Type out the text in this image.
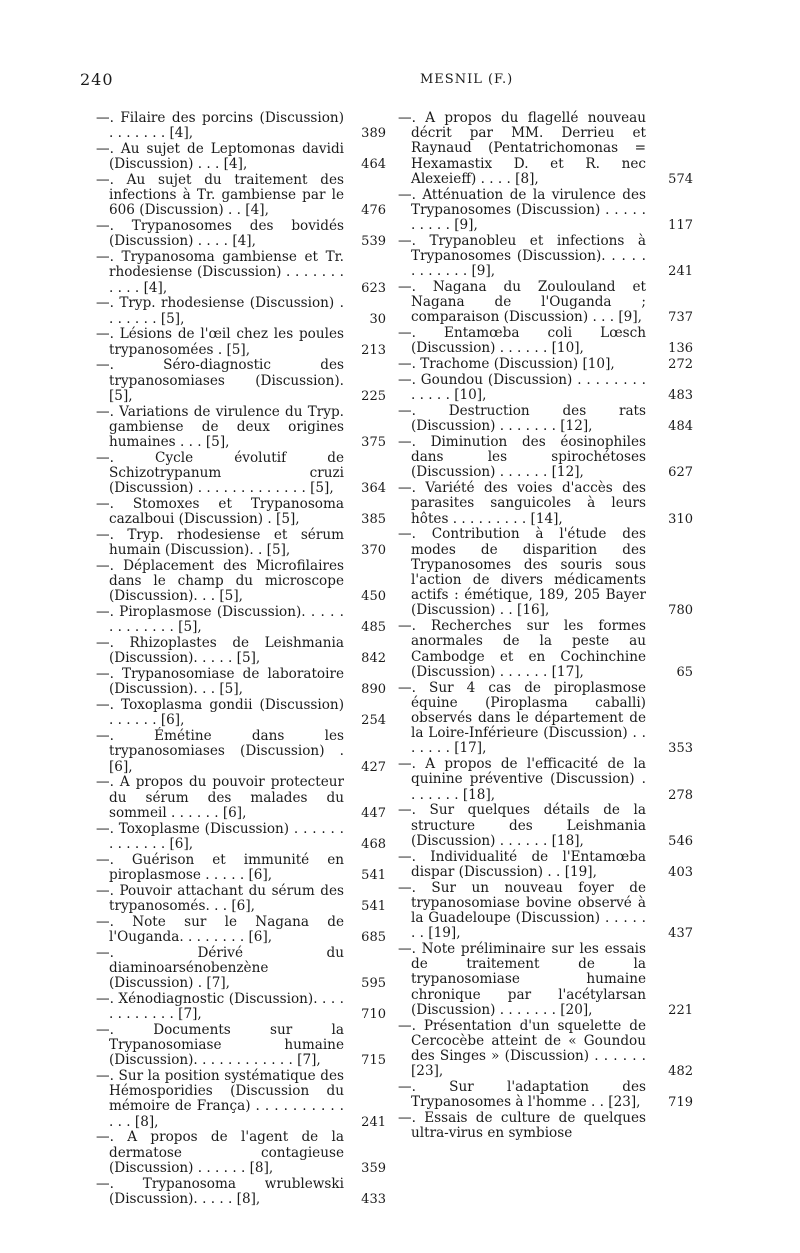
240	MESNIL (F.)
—. Filaire des porcins (Discussion) . . . . . . . [4],	389
—. Au sujet de Leptomonas davidi (Discussion) . . . [4],	464
—. Au sujet du traitement des infections à Tr. gambiense par le 606 (Discussion) . . [4],	476
—. Trypanosomes des bovidés (Discussion) . . . . [4],	539
—. Trypanosoma gambiense et Tr. rhodesiense (Discussion) . . . . . . . . . . . [4],	623
—. Tryp. rhodesiense (Discussion) . . . . . . . [5],	30
—. Lésions de l'œil chez les poules trypanosomées . [5],	213
—. Séro-diagnostic des trypanosomiases (Discussion). [5],	225
—. Variations de virulence du Tryp. gambiense de deux origines humaines . . . [5],	375
—. Cycle évolutif de Schizotrypanum cruzi (Discussion) . . . . . . . . . . . . . [5],	364
—. Stomoxes et Trypanosoma cazalboui (Discussion) . [5],	385
—. Tryp. rhodesiense et sérum humain (Discussion). . [5],	370
—. Déplacement des Microfilaires dans le champ du microscope (Discussion). . . [5],	450
—. Piroplasmose (Discussion). . . . . . . . . . . . . [5],	485
—. Rhizoplastes de Leishmania (Discussion). . . . . [5],	842
—. Trypanosomiase de laboratoire (Discussion). . . [5],	890
—. Toxoplasma gondii (Discussion) . . . . . . [6],	254
—. Émétine dans les trypanosomiases (Discussion) . [6],	427
—. A propos du pouvoir protecteur du sérum des malades du sommeil . . . . . . [6],	447
—. Toxoplasme (Discussion) . . . . . . . . . . . . . [6],	468
—. Guérison et immunité en piroplasmose . . . . . [6],	541
—. Pouvoir attachant du sérum des trypanosomés. . . [6],	541
—. Note sur le Nagana de l'Ouganda. . . . . . . . [6],	685
—. Dérivé du diaminoarsénobenzène (Discussion) . [7],	595
—. Xénodiagnostic (Discussion). . . . . . . . . . . . [7],	710
—. Documents sur la Trypanosomiase humaine (Discussion). . . . . . . . . . . . [7],	715
—. Sur la position systématique des Hémosporidies (Discussion du mémoire de França) . . . . . . . . . . . . . [8],	241
—. A propos de l'agent de la dermatose contagieuse (Discussion) . . . . . . [8],	359
—. Trypanosoma wrublewski (Discussion). . . . . [8],	433
—. A propos du flagellé nouveau décrit par MM. Derrieu et Raynaud (Pentatrichomonas = Hexamastix D. et R. nec Alexeieff) . . . . [8],	574
—. Atténuation de la virulence des Trypanosomes (Discussion) . . . . . . . . . . [9],	117
—. Trypanobleu et infections à Trypanosomes (Discussion). . . . . . . . . . . . [9],	241
—. Nagana du Zoulouland et Nagana de l'Ouganda ; comparaison (Discussion) . . . [9],	737
—. Entamœba coli Lœsch (Discussion) . . . . . . [10],	136
—. Trachome (Discussion) [10],	272
—. Goundou (Discussion) . . . . . . . . . . . . . [10],	483
—. Destruction des rats (Discussion) . . . . . . . [12],	484
—. Diminution des éosinophiles dans les spirochétoses (Discussion) . . . . . . [12],	627
—. Variété des voies d'accès des parasites sanguicoles à leurs hôtes . . . . . . . . . [14],	310
—. Contribution à l'étude des modes de disparition des Trypanosomes des souris sous l'action de divers médicaments actifs : émétique, 189, 205 Bayer (Discussion) . . [16],	780
—. Recherches sur les formes anormales de la peste au Cambodge et en Cochinchine (Discussion) . . . . . . [17],	65
—. Sur 4 cas de piroplasmose équine (Piroplasma caballi) observés dans le département de la Loire-Inférieure (Discussion) . . . . . . . [17],	353
—. A propos de l'efficacité de la quinine préventive (Discussion) . . . . . . . [18],	278
—. Sur quelques détails de la structure des Leishmania (Discussion) . . . . . . [18],	546
—. Individualité de l'Entamœba dispar (Discussion) . . [19],	403
—. Sur un nouveau foyer de trypanosomiase bovine observé à la Guadeloupe (Discussion) . . . . . . . [19],	437
—. Note préliminaire sur les essais de traitement de la trypanosomiase humaine chronique par l'acétylarsan (Discussion) . . . . . . . [20],	221
—. Présentation d'un squelette de Cercocèbe atteint de « Goundou des Singes » (Discussion) . . . . . . [23],	482
—. Sur l'adaptation des Trypanosomes à l'homme . . [23],	719
—. Essais de culture de quelques ultra-virus en symbiose
